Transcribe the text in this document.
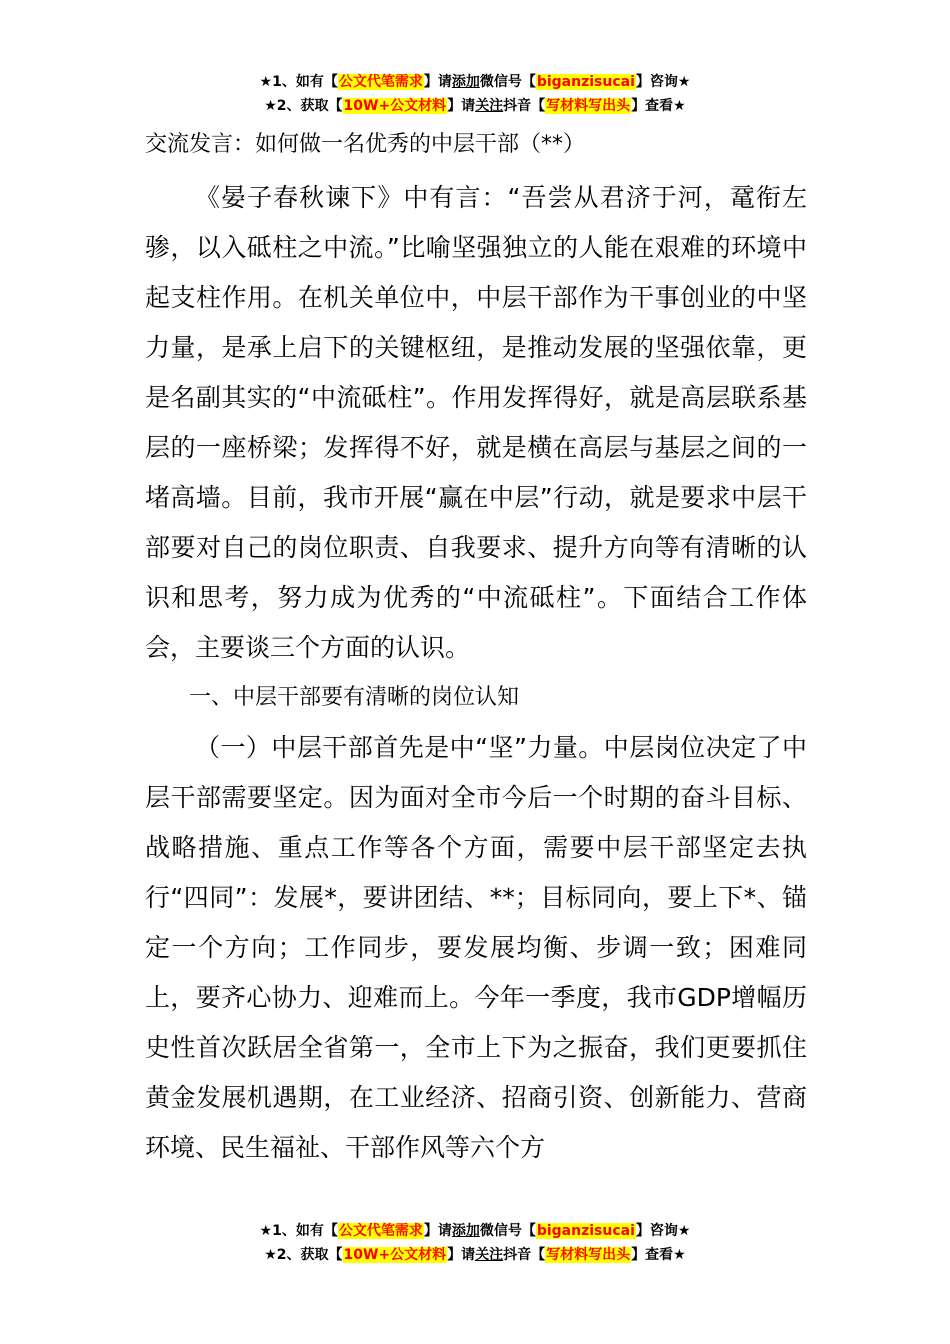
★1、如有【公文代笔需求】请添加微信号【biganzisucai】咨询★
★2、获取【10W+公文材料】请关注抖音【写材料写出头】查看★
交流发言：如何做一名优秀的中层干部（**）

《晏子春秋谏下》中有言：“吾尝从君济于河，鼋衔左骖，以入砥柱之中流。”比喻坚强独立的人能在艰难的环境中起支柱作用。在机关单位中，中层干部作为干事创业的中坚力量，是承上启下的关键枢纽，是推动发展的坚强依靠，更是名副其实的“中流砥柱”。作用发挥得好，就是高层联系基层的一座桥梁；发挥得不好，就是横在高层与基层之间的一堵高墙。目前，我市开展“赢在中层”行动，就是要求中层干部要对自己的岗位职责、自我要求、提升方向等有清晰的认识和思考，努力成为优秀的“中流砥柱”。下面结合工作体会，主要谈三个方面的认识。

一、中层干部要有清晰的岗位认知

（一）中层干部首先是中“坚”力量。中层岗位决定了中层干部需要坚定。因为面对全市今后一个时期的奋斗目标、战略措施、重点工作等各个方面，需要中层干部坚定去执行“四同”：发展*，要讲团结、**；目标同向，要上下*、锚定一个方向；工作同步，要发展均衡、步调一致；困难同上，要齐心协力、迎难而上。今年一季度，我市GDP增幅历史性首次跃居全省第一，全市上下为之振奋，我们更要抓住黄金发展机遇期，在工业经济、招商引资、创新能力、营商环境、民生福祉、干部作风等六个方

★1、如有【公文代笔需求】请添加微信号【biganzisucai】咨询★
★2、获取【10W+公文材料】请关注抖音【写材料写出头】查看★
